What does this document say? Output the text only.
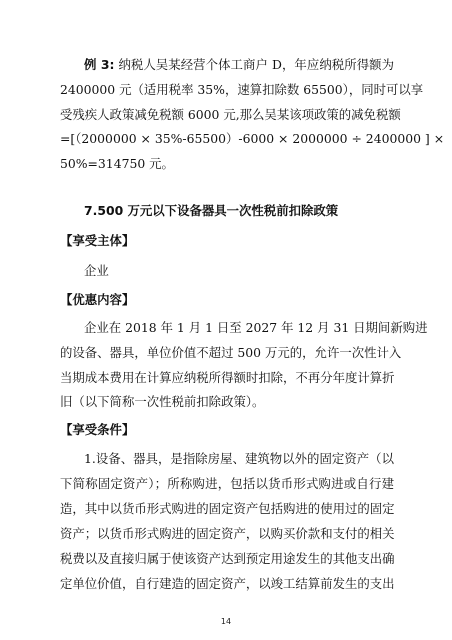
例 3: 纳税人吴某经营个体工商户 D，年应纳税所得额为
2400000 元（适用税率 35%，速算扣除数 65500），同时可以享
受残疾人政策减免税额 6000 元,那么吴某该项政策的减免税额
=[（2000000 × 35%-65500）-6000 × 2000000 ÷ 2400000 ] ×
50%=314750 元。
7.500 万元以下设备器具一次性税前扣除政策
【享受主体】
企业
【优惠内容】
企业在 2018 年 1 月 1 日至 2027 年 12 月 31 日期间新购进
的设备、器具，单位价值不超过 500 万元的，允许一次性计入
当期成本费用在计算应纳税所得额时扣除，不再分年度计算折
旧（以下简称一次性税前扣除政策）。
【享受条件】
1.设备、器具，是指除房屋、建筑物以外的固定资产（以
下简称固定资产）；所称购进，包括以货币形式购进或自行建
造，其中以货币形式购进的固定资产包括购进的使用过的固定
资产；以货币形式购进的固定资产，以购买价款和支付的相关
税费以及直接归属于使该资产达到预定用途发生的其他支出确
定单位价值，自行建造的固定资产，以竣工结算前发生的支出
14
